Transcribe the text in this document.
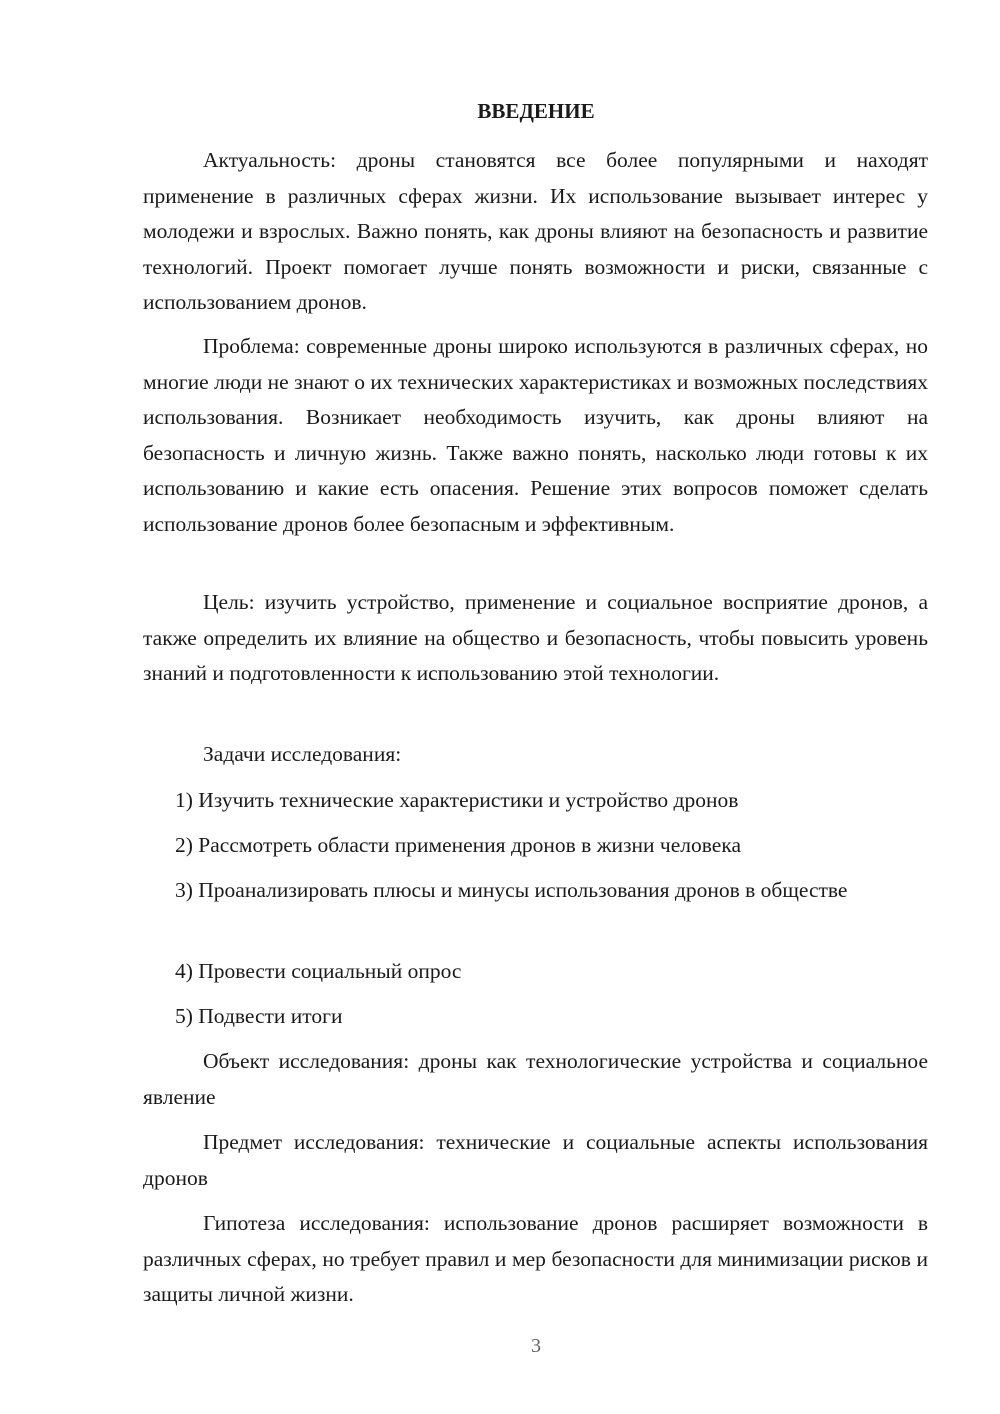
ВВЕДЕНИЕ

Актуальность: дроны становятся все более популярными и находят применение в различных сферах жизни. Их использование вызывает интерес у молодежи и взрослых. Важно понять, как дроны влияют на безопасность и развитие технологий. Проект помогает лучше понять возможности и риски, связанные с использованием дронов.

Проблема: современные дроны широко используются в различных сферах, но многие люди не знают о их технических характеристиках и возможных последствиях использования. Возникает необходимость изучить, как дроны влияют на безопасность и личную жизнь. Также важно понять, насколько люди готовы к их использованию и какие есть опасения. Решение этих вопросов поможет сделать использование дронов более безопасным и эффективным.

Цель: изучить устройство, применение и социальное восприятие дронов, а также определить их влияние на общество и безопасность, чтобы повысить уровень знаний и подготовленности к использованию этой технологии.

Задачи исследования:

1) Изучить технические характеристики и устройство дронов

2) Рассмотреть области применения дронов в жизни человека

3) Проанализировать плюсы и минусы использования дронов в обществе

4) Провести социальный опрос

5) Подвести итоги

Объект исследования: дроны как технологические устройства и социальное явление

Предмет исследования: технические и социальные аспекты использования дронов

Гипотеза исследования: использование дронов расширяет возможности в различных сферах, но требует правил и мер безопасности для минимизации рисков и защиты личной жизни.

3
